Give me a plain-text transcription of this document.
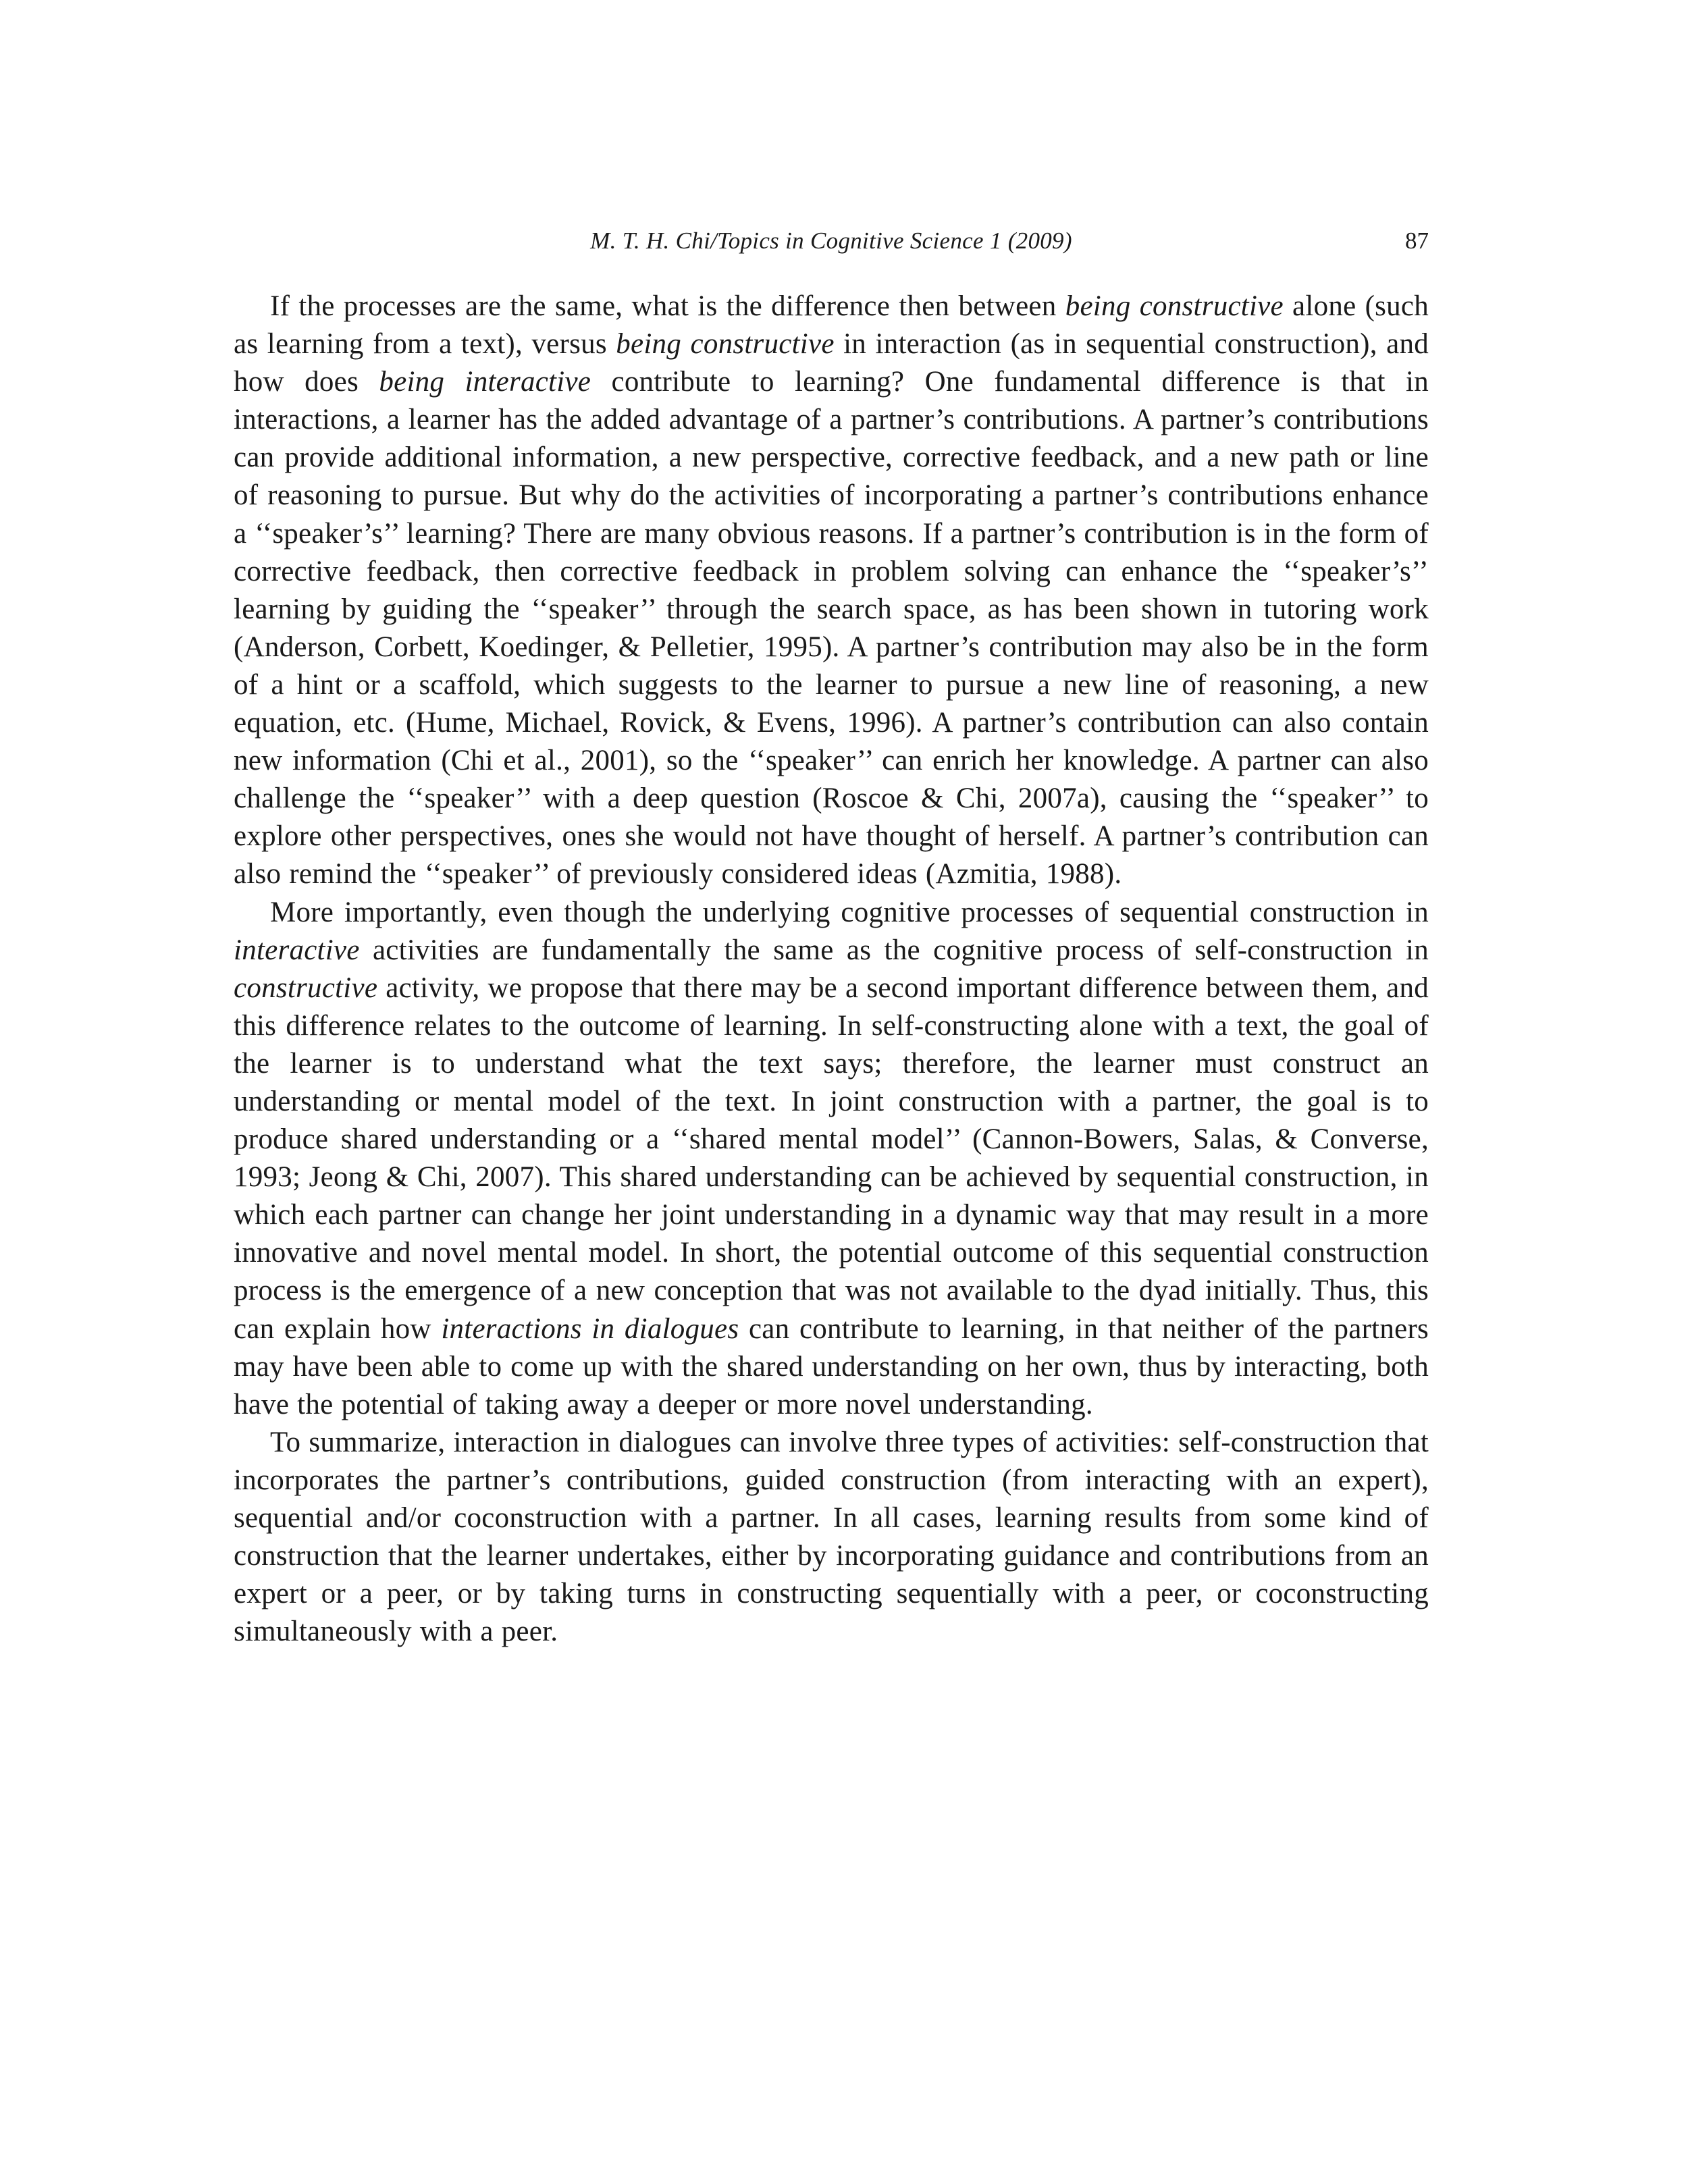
M. T. H. Chi/Topics in Cognitive Science 1 (2009)	87

If the processes are the same, what is the difference then between being constructive alone (such as learning from a text), versus being constructive in interaction (as in sequential construction), and how does being interactive contribute to learning? One fundamental difference is that in interactions, a learner has the added advantage of a partner’s contributions. A partner’s contributions can provide additional information, a new perspective, corrective feedback, and a new path or line of reasoning to pursue. But why do the activities of incorporating a partner’s contributions enhance a ‘‘speaker’s’’ learning? There are many obvious reasons. If a partner’s contribution is in the form of corrective feedback, then corrective feedback in problem solving can enhance the ‘‘speaker’s’’ learning by guiding the ‘‘speaker’’ through the search space, as has been shown in tutoring work (Anderson, Corbett, Koedinger, & Pelletier, 1995). A partner’s contribution may also be in the form of a hint or a scaffold, which suggests to the learner to pursue a new line of reasoning, a new equation, etc. (Hume, Michael, Rovick, & Evens, 1996). A partner’s contribution can also contain new information (Chi et al., 2001), so the ‘‘speaker’’ can enrich her knowledge. A partner can also challenge the ‘‘speaker’’ with a deep question (Roscoe & Chi, 2007a), causing the ‘‘speaker’’ to explore other perspectives, ones she would not have thought of herself. A partner’s contribution can also remind the ‘‘speaker’’ of previously considered ideas (Azmitia, 1988).

More importantly, even though the underlying cognitive processes of sequential construction in interactive activities are fundamentally the same as the cognitive process of self-construction in constructive activity, we propose that there may be a second important difference between them, and this difference relates to the outcome of learning. In self-constructing alone with a text, the goal of the learner is to understand what the text says; therefore, the learner must construct an understanding or mental model of the text. In joint construction with a partner, the goal is to produce shared understanding or a ‘‘shared mental model’’ (Cannon-Bowers, Salas, & Converse, 1993; Jeong & Chi, 2007). This shared understanding can be achieved by sequential construction, in which each partner can change her joint understanding in a dynamic way that may result in a more innovative and novel mental model. In short, the potential outcome of this sequential construction process is the emergence of a new conception that was not available to the dyad initially. Thus, this can explain how interactions in dialogues can contribute to learning, in that neither of the partners may have been able to come up with the shared understanding on her own, thus by interacting, both have the potential of taking away a deeper or more novel understanding.

To summarize, interaction in dialogues can involve three types of activities: self-construction that incorporates the partner’s contributions, guided construction (from interacting with an expert), sequential and/or coconstruction with a partner. In all cases, learning results from some kind of construction that the learner undertakes, either by incorporating guidance and contributions from an expert or a peer, or by taking turns in constructing sequentially with a peer, or coconstructing simultaneously with a peer.
